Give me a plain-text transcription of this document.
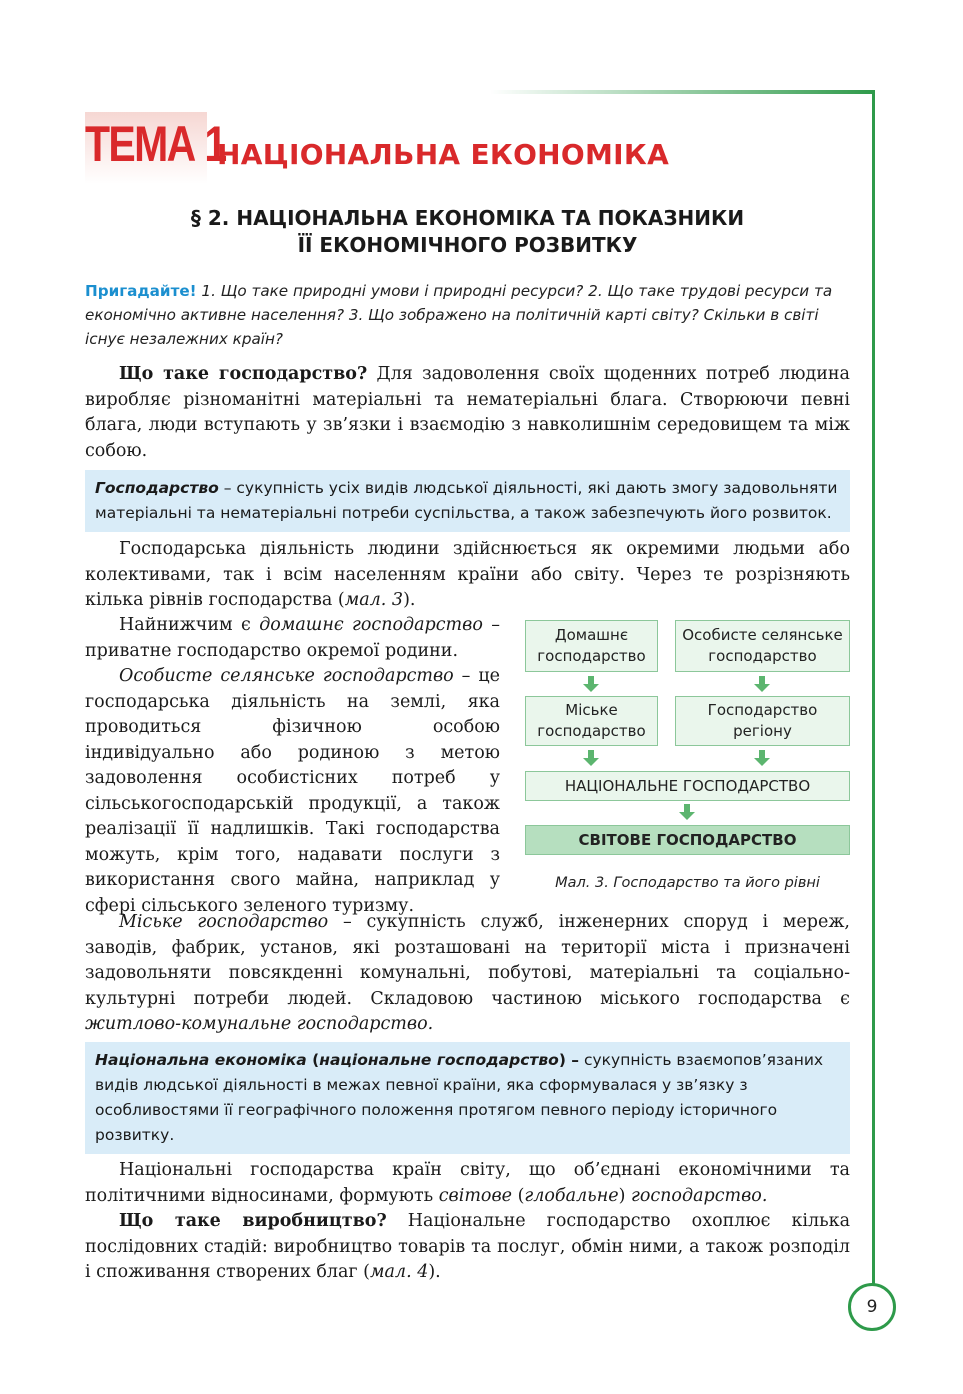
ТЕМА 1
НАЦІОНАЛЬНА ЕКОНОМІКА
§ 2. НАЦІОНАЛЬНА ЕКОНОМІКА ТА ПОКАЗНИКИ
ЇЇ ЕКОНОМІЧНОГО РОЗВИТКУ
Пригадайте! 1. Що таке природні умови і природні ресурси? 2. Що таке трудові ресурси та економічно активне населення? 3. Що зображено на політичній карті світу? Скільки в світі існує незалежних країн?
Що таке господарство? Для задоволення своїх щоденних потреб людина виробляє різноманітні матеріальні та нематеріальні блага. Створюючи певні блага, люди вступають у зв’язки і взаємодію з навколишнім середовищем та між собою.
Господарство – сукупність усіх видів людської діяльності, які дають змогу задовольняти матеріальні та нематеріальні потреби суспільства, а також забезпечують його розвиток.
Господарська діяльність людини здійснюється як окремими людьми або колективами, так і всім населенням країни або світу. Через те розрізняють кілька рівнів господарства (мал. 3).
Найнижчим є домашнє господарство – приватне господарство окремої родини.
Особисте селянське господарство – це господарська діяльність на землі, яка проводиться фізичною особою індивідуально або родиною з метою задоволення особистісних потреб у сільськогосподарській продукції, а також реалізації її надлишків. Такі господарства можуть, крім того, надавати послуги з використання свого майна, наприклад у сфері сільського зеленого туризму.
Домашнє господарство
Особисте селянське господарство
Міське господарство
Господарство регіону
НАЦІОНАЛЬНЕ ГОСПОДАРСТВО
СВІТОВЕ ГОСПОДАРСТВО
Мал. 3. Господарство та його рівні
Міське господарство – сукупність служб, інженерних споруд і мереж, заводів, фабрик, установ, які розташовані на території міста і призначені задовольняти повсякденні комунальні, побутові, матеріальні та соціально-культурні потреби людей. Складовою частиною міського господарства є житлово-комунальне господарство.
Національна економіка (національне господарство) – сукупність взаємопов’язаних видів людської діяльності в межах певної країни, яка сформувалася у зв’язку з особливостями її географічного положення протягом певного періоду історичного розвитку.
Національні господарства країн світу, що об’єднані економічними та політичними відносинами, формують світове (глобальне) господарство.
Що таке виробництво? Національне господарство охоплює кілька послідовних стадій: виробництво товарів та послуг, обмін ними, а також розподіл і споживання створених благ (мал. 4).
9
